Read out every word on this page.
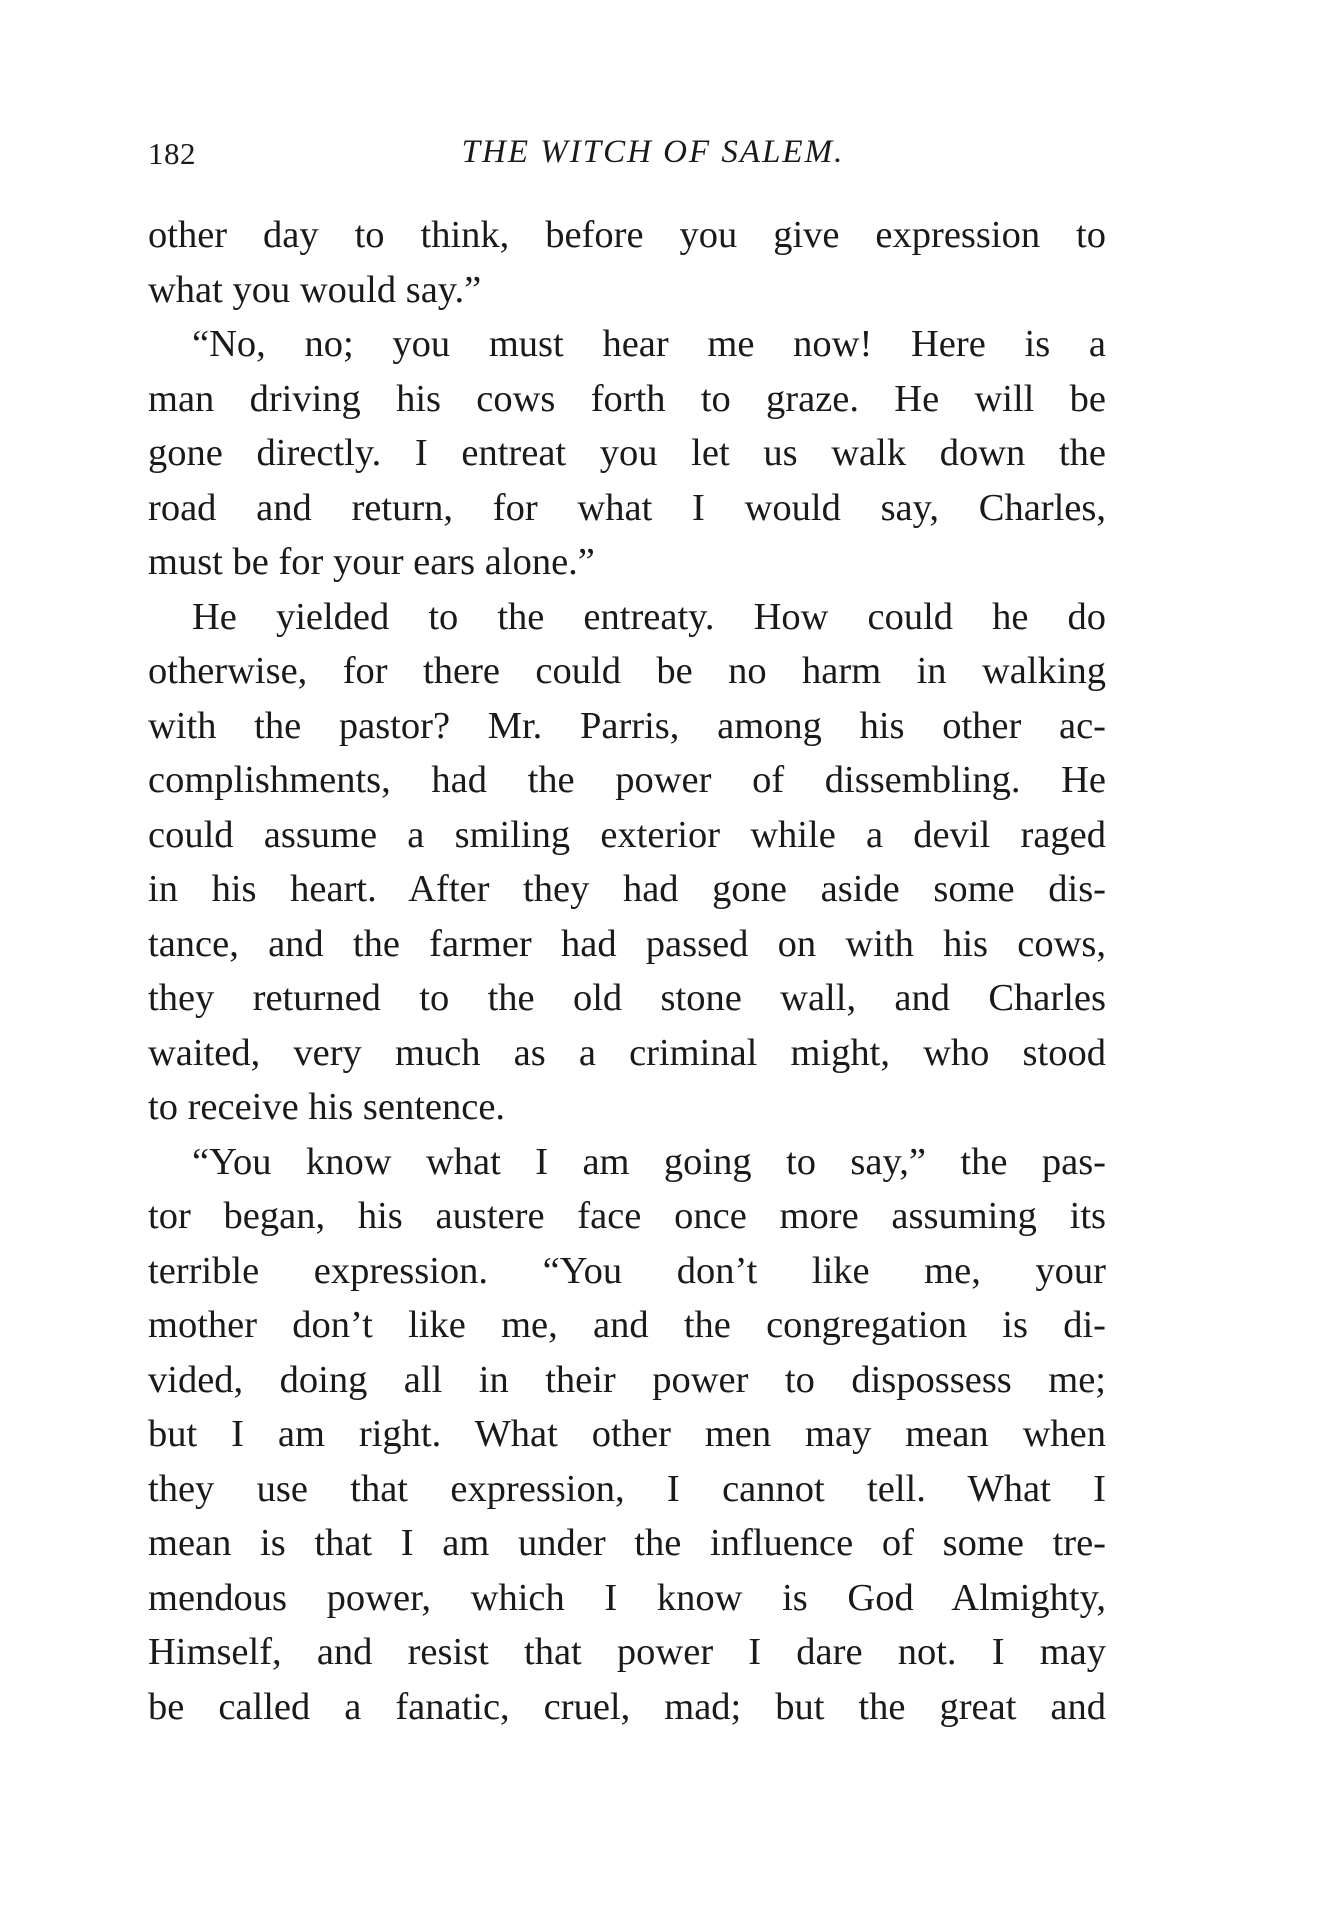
182	THE WITCH OF SALEM.
other day to think, before you give expression to
what you would say.”
“No, no; you must hear me now! Here is a
man driving his cows forth to graze. He will be
gone directly. I entreat you let us walk down the
road and return, for what I would say, Charles,
must be for your ears alone.”
He yielded to the entreaty. How could he do
otherwise, for there could be no harm in walking
with the pastor? Mr. Parris, among his other ac-
complishments, had the power of dissembling. He
could assume a smiling exterior while a devil raged
in his heart. After they had gone aside some dis-
tance, and the farmer had passed on with his cows,
they returned to the old stone wall, and Charles
waited, very much as a criminal might, who stood
to receive his sentence.
“You know what I am going to say,” the pas-
tor began, his austere face once more assuming its
terrible expression. “You don’t like me, your
mother don’t like me, and the congregation is di-
vided, doing all in their power to dispossess me;
but I am right. What other men may mean when
they use that expression, I cannot tell. What I
mean is that I am under the influence of some tre-
mendous power, which I know is God Almighty,
Himself, and resist that power I dare not. I may
be called a fanatic, cruel, mad; but the great and
